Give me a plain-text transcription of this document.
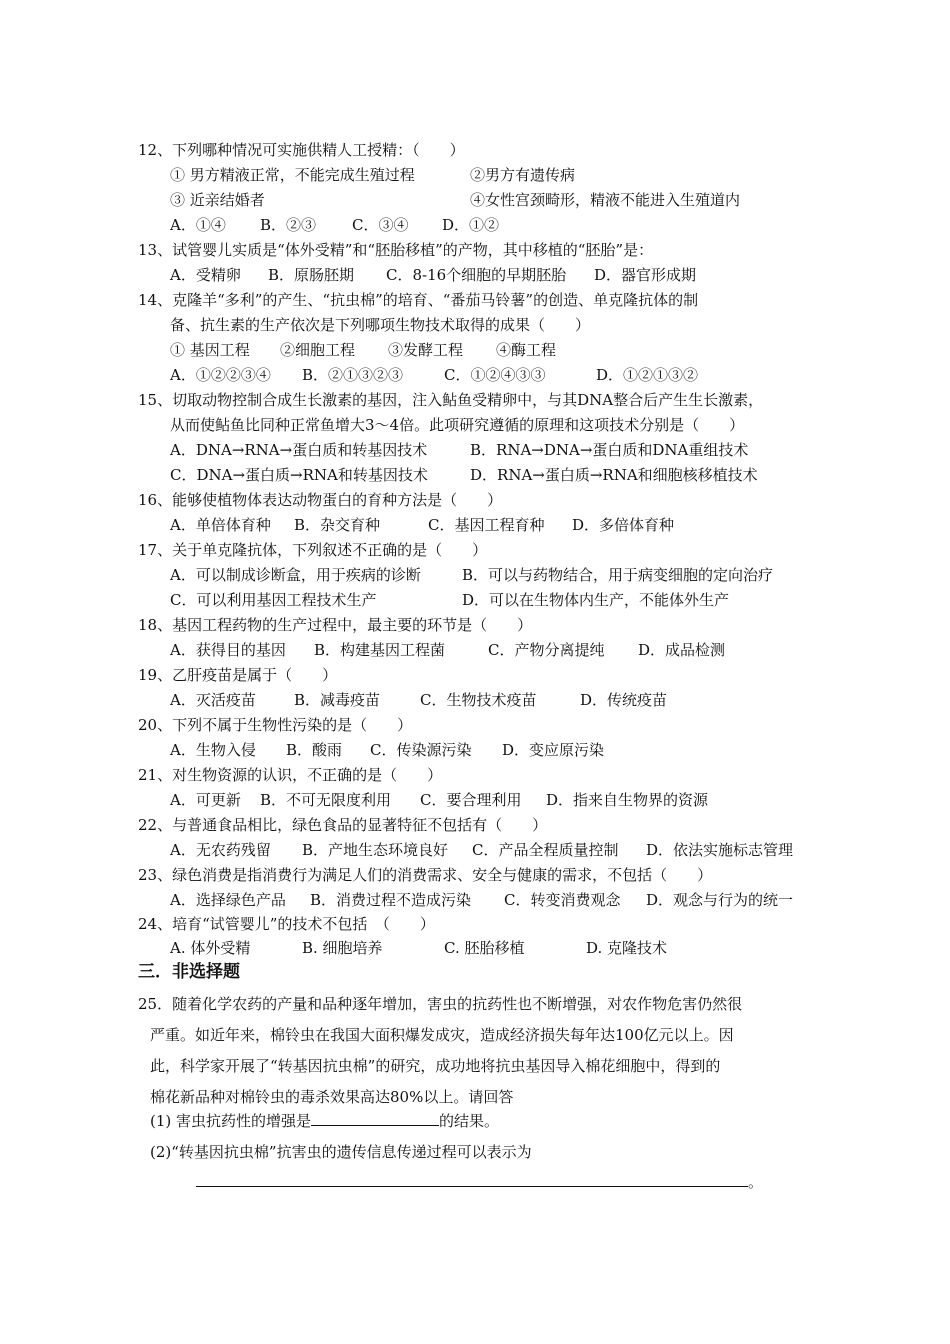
12、下列哪种情况可实施供精人工授精：（　　）
① 男方精液正常，不能完成生殖过程	②男方有遗传病
③ 近亲结婚者	④女性宫颈畸形，精液不能进入生殖道内
A．①④ B．②③ C．③④ D．①②
13、试管婴儿实质是“体外受精”和“胚胎移植”的产物，其中移植的“胚胎”是：
A．受精卵 B．原肠胚期 C．8-16个细胞的早期胚胎 D．器官形成期
14、克隆羊“多利”的产生、“抗虫棉”的培育、“番茄马铃薯”的创造、单克隆抗体的制
备、抗生素的生产依次是下列哪项生物技术取得的成果（　　）
① 基因工程 ②细胞工程 ③发酵工程 ④酶工程
A．①②②③④ B．②①③②③	C．①②④③③	D．①②①③②
15、切取动物控制合成生长激素的基因，注入鲇鱼受精卵中，与其DNA整合后产生生长激素，
从而使鲇鱼比同种正常鱼增大3～4倍。此项研究遵循的原理和这项技术分别是（　　）
A．DNA→RNA→蛋白质和转基因技术	B．RNA→DNA→蛋白质和DNA重组技术
C．DNA→蛋白质→RNA和转基因技术	D．RNA→蛋白质→RNA和细胞核移植技术
16、能够使植物体表达动物蛋白的育种方法是（　　）
A．单倍体育种 B．杂交育种	C．基因工程育种 D．多倍体育种
17、关于单克隆抗体，下列叙述不正确的是（　　）
A．可以制成诊断盒，用于疾病的诊断	B．可以与药物结合，用于病变细胞的定向治疗
C．可以利用基因工程技术生产	D．可以在生物体内生产，不能体外生产
18、基因工程药物的生产过程中，最主要的环节是（　　）
A．获得目的基因 B．构建基因工程菌	C．产物分离提纯 D．成品检测
19、乙肝疫苗是属于（　　）
A．灭活疫苗	B．减毒疫苗	C．生物技术疫苗	D．传统疫苗
20、下列不属于生物性污染的是（　　）
A．生物入侵 B．酸雨 C．传染源污染 D．变应原污染
21、对生物资源的认识，不正确的是（　　）
A．可更新 B．不可无限度利用 C．要合理利用 D．指来自生物界的资源
22、与普通食品相比，绿色食品的显著特征不包括有（　　）
A．无农药残留 B．产地生态环境良好 C．产品全程质量控制 D．依法实施标志管理
23、绿色消费是指消费行为满足人们的消费需求、安全与健康的需求，不包括（　　）
A．选择绿色产品 B．消费过程不造成污染 C．转变消费观念 D．观念与行为的统一
24、培育“试管婴儿”的技术不包括　（　　）
A. 体外受精	B. 细胞培养	C. 胚胎移植	D. 克隆技术
三．非选择题
25．随着化学农药的产量和品种逐年增加，害虫的抗药性也不断增强，对农作物危害仍然很
严重。如近年来，棉铃虫在我国大面积爆发成灾，造成经济损失每年达100亿元以上。因
此，科学家开展了“转基因抗虫棉”的研究，成功地将抗虫基因导入棉花细胞中，得到的
棉花新品种对棉铃虫的毒杀效果高达80%以上。请回答
(1) 害虫抗药性的增强是	的结果。
(2)“转基因抗虫棉”抗害虫的遗传信息传递过程可以表示为
。
